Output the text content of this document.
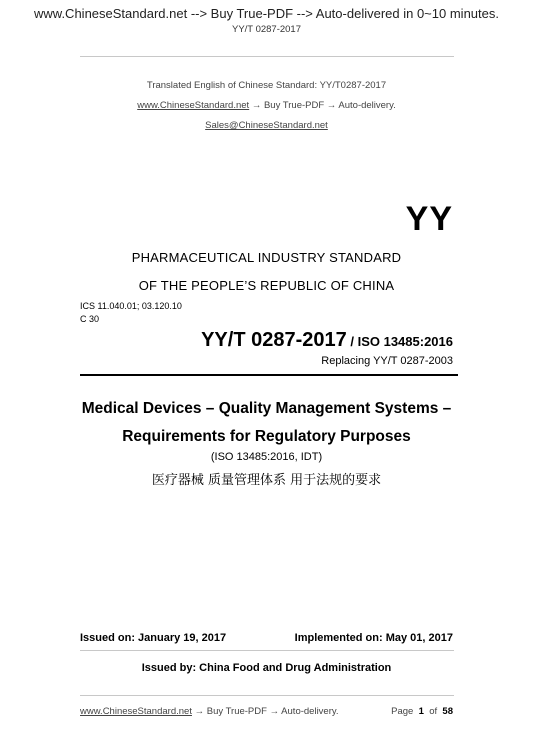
www.ChineseStandard.net --> Buy True-PDF --> Auto-delivered in 0~10 minutes.
YY/T 0287-2017
Translated English of Chinese Standard: YY/T0287-2017
www.ChineseStandard.net → Buy True-PDF → Auto-delivery.
Sales@ChineseStandard.net
YY
PHARMACEUTICAL INDUSTRY STANDARD
OF THE PEOPLE’S REPUBLIC OF CHINA
ICS 11.040.01; 03.120.10
C 30
YY/T 0287-2017 / ISO 13485:2016
Replacing YY/T 0287-2003
Medical Devices – Quality Management Systems –
Requirements for Regulatory Purposes
(ISO 13485:2016, IDT)
医疗器械 质量管理体系 用于法规的要求
Issued on: January 19, 2017	Implemented on: May 01, 2017
Issued by: China Food and Drug Administration
www.ChineseStandard.net → Buy True-PDF → Auto-delivery.	Page 1 of 58
